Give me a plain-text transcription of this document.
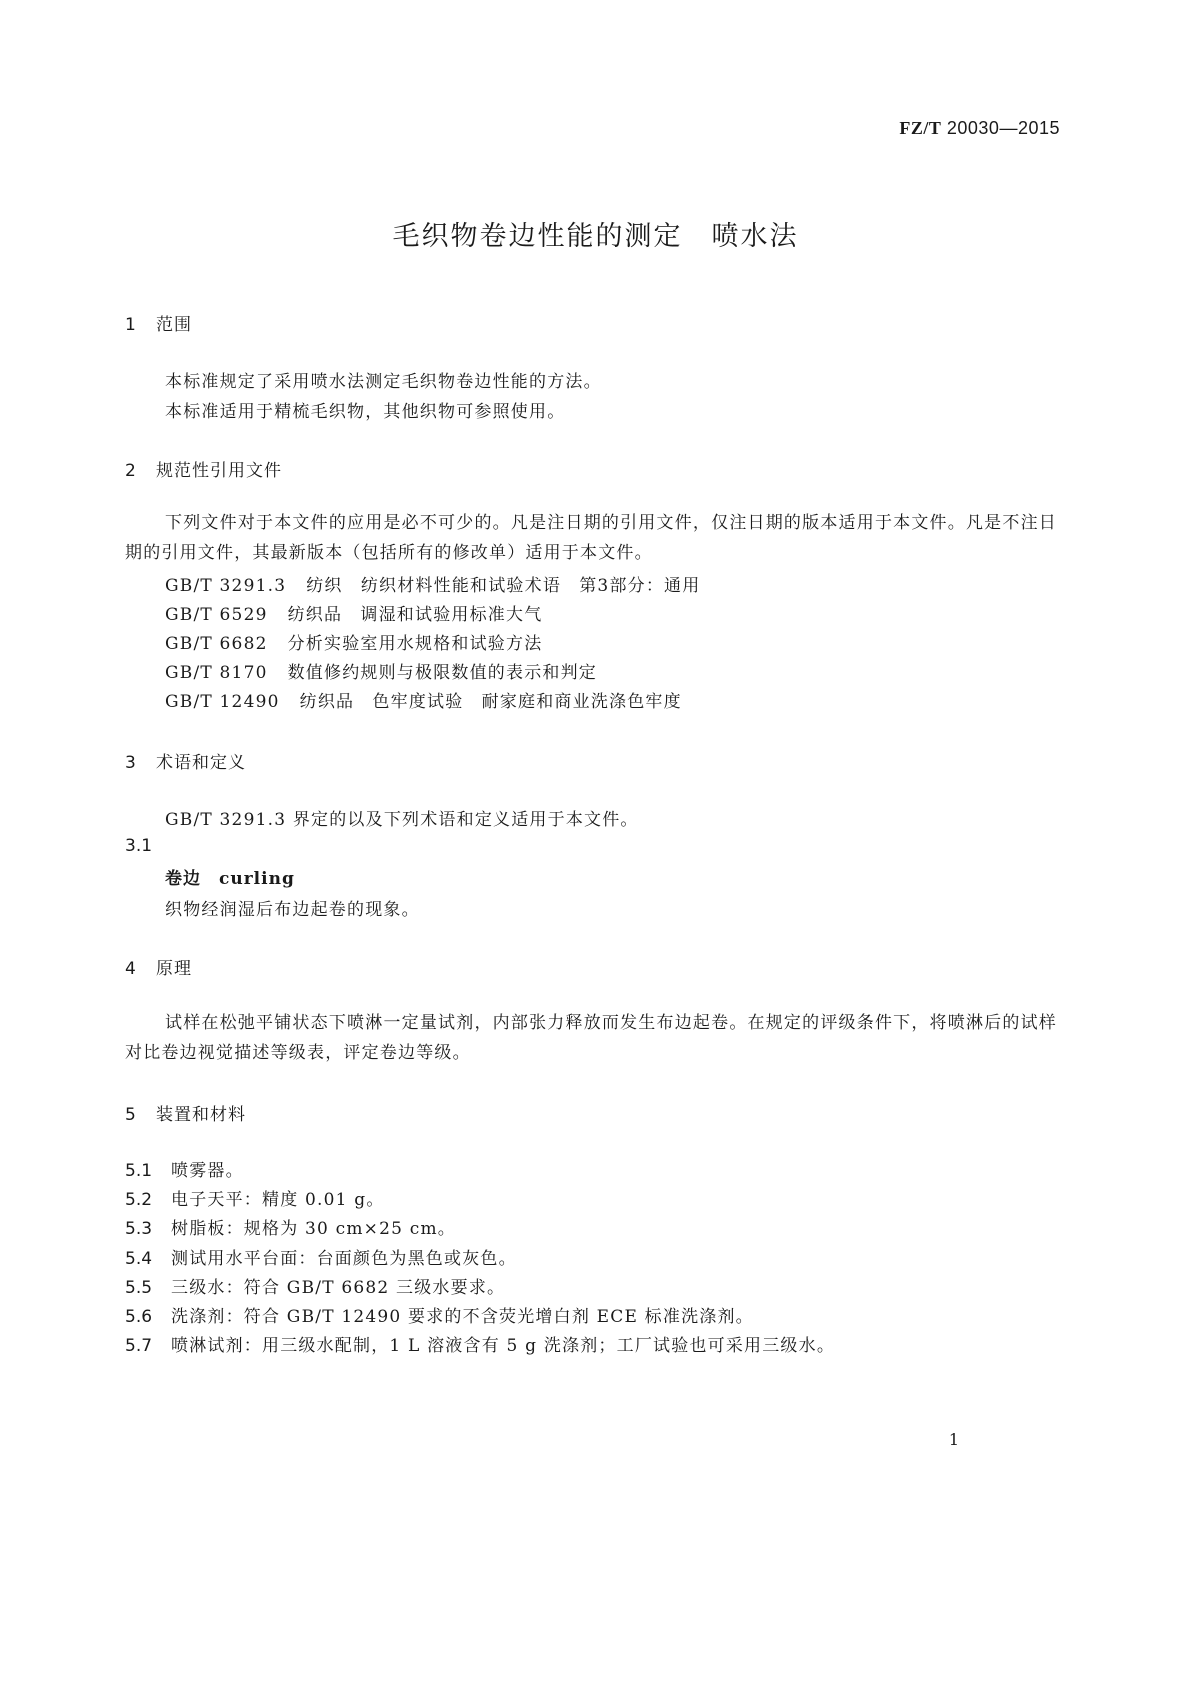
FZ/T 20030—2015
毛织物卷边性能的测定　喷水法
1 范围
本标准规定了采用喷水法测定毛织物卷边性能的方法。
本标准适用于精梳毛织物，其他织物可参照使用。
2 规范性引用文件
下列文件对于本文件的应用是必不可少的。凡是注日期的引用文件，仅注日期的版本适用于本文件。凡是不注日期的引用文件，其最新版本（包括所有的修改单）适用于本文件。
GB/T 3291.3 纺织　纺织材料性能和试验术语　第3部分：通用
GB/T 6529 纺织品　调湿和试验用标准大气
GB/T 6682 分析实验室用水规格和试验方法
GB/T 8170 数值修约规则与极限数值的表示和判定
GB/T 12490 纺织品　色牢度试验　耐家庭和商业洗涤色牢度
3 术语和定义
GB/T 3291.3 界定的以及下列术语和定义适用于本文件。
3.1
卷边 curling
织物经润湿后布边起卷的现象。
4 原理
试样在松弛平铺状态下喷淋一定量试剂，内部张力释放而发生布边起卷。在规定的评级条件下，将喷淋后的试样对比卷边视觉描述等级表，评定卷边等级。
5 装置和材料
5.1 喷雾器。
5.2 电子天平：精度 0.01 g。
5.3 树脂板：规格为 30 cm×25 cm。
5.4 测试用水平台面：台面颜色为黑色或灰色。
5.5 三级水：符合 GB/T 6682 三级水要求。
5.6 洗涤剂：符合 GB/T 12490 要求的不含荧光增白剂 ECE 标准洗涤剂。
5.7 喷淋试剂：用三级水配制，1 L 溶液含有 5 g 洗涤剂；工厂试验也可采用三级水。
1
